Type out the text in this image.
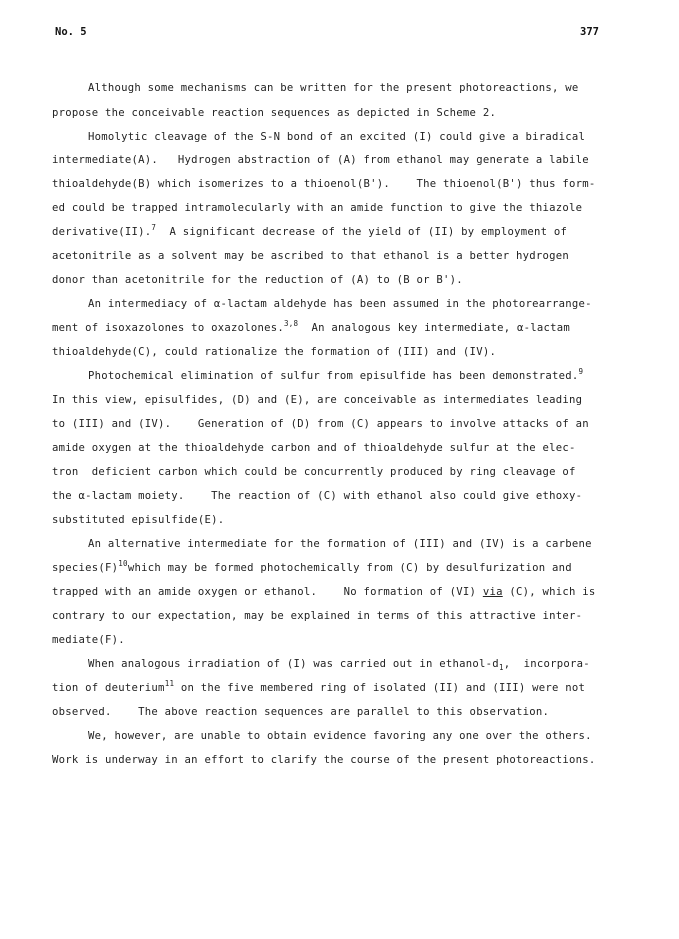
No. 5	377
Although some mechanisms can be written for the present photoreactions, we
propose the conceivable reaction sequences as depicted in Scheme 2.
Homolytic cleavage of the S-N bond of an excited (I) could give a biradical
intermediate(A).   Hydrogen abstraction of (A) from ethanol may generate a labile
thioaldehyde(B) which isomerizes to a thioenol(B').    The thioenol(B') thus form-
ed could be trapped intramolecularly with an amide function to give the thiazole
derivative(II).$^7$  A significant decrease of the yield of (II) by employment of
acetonitrile as a solvent may be ascribed to that ethanol is a better hydrogen
donor than acetonitrile for the reduction of (A) to (B or B').
An intermediacy of α-lactam aldehyde has been assumed in the photorearrange-
ment of isoxazolones to oxazolones.$^{3,8}$  An analogous key intermediate, α-lactam
thioaldehyde(C), could rationalize the formation of (III) and (IV).
Photochemical elimination of sulfur from episulfide has been demonstrated.$^9$
In this view, episulfides, (D) and (E), are conceivable as intermediates leading
to (III) and (IV).    Generation of (D) from (C) appears to involve attacks of an
amide oxygen at the thioaldehyde carbon and of thioaldehyde sulfur at the elec-
tron  deficient carbon which could be concurrently produced by ring cleavage of
the α-lactam moiety.    The reaction of (C) with ethanol also could give ethoxy-
substituted episulfide(E).
An alternative intermediate for the formation of (III) and (IV) is a carbene
$species(F)^{10}which$ may be formed photochemically from (C) by desulfurization and
trapped with an amide oxygen or ethanol.    No formation of (VI) via (C), which is
contrary to our expectation, may be explained in terms of this attractive inter-
mediate(F).
When analogous irradiation of (I) was carried out in ethanol-$d_1$,  incorpora-
tion of deuterium$^{11}$ on the five membered ring of isolated (II) and (III) were not
observed.    The above reaction sequences are parallel to this observation.
We, however, are unable to obtain evidence favoring any one over the others.
Work is underway in an effort to clarify the course of the present photoreactions.
